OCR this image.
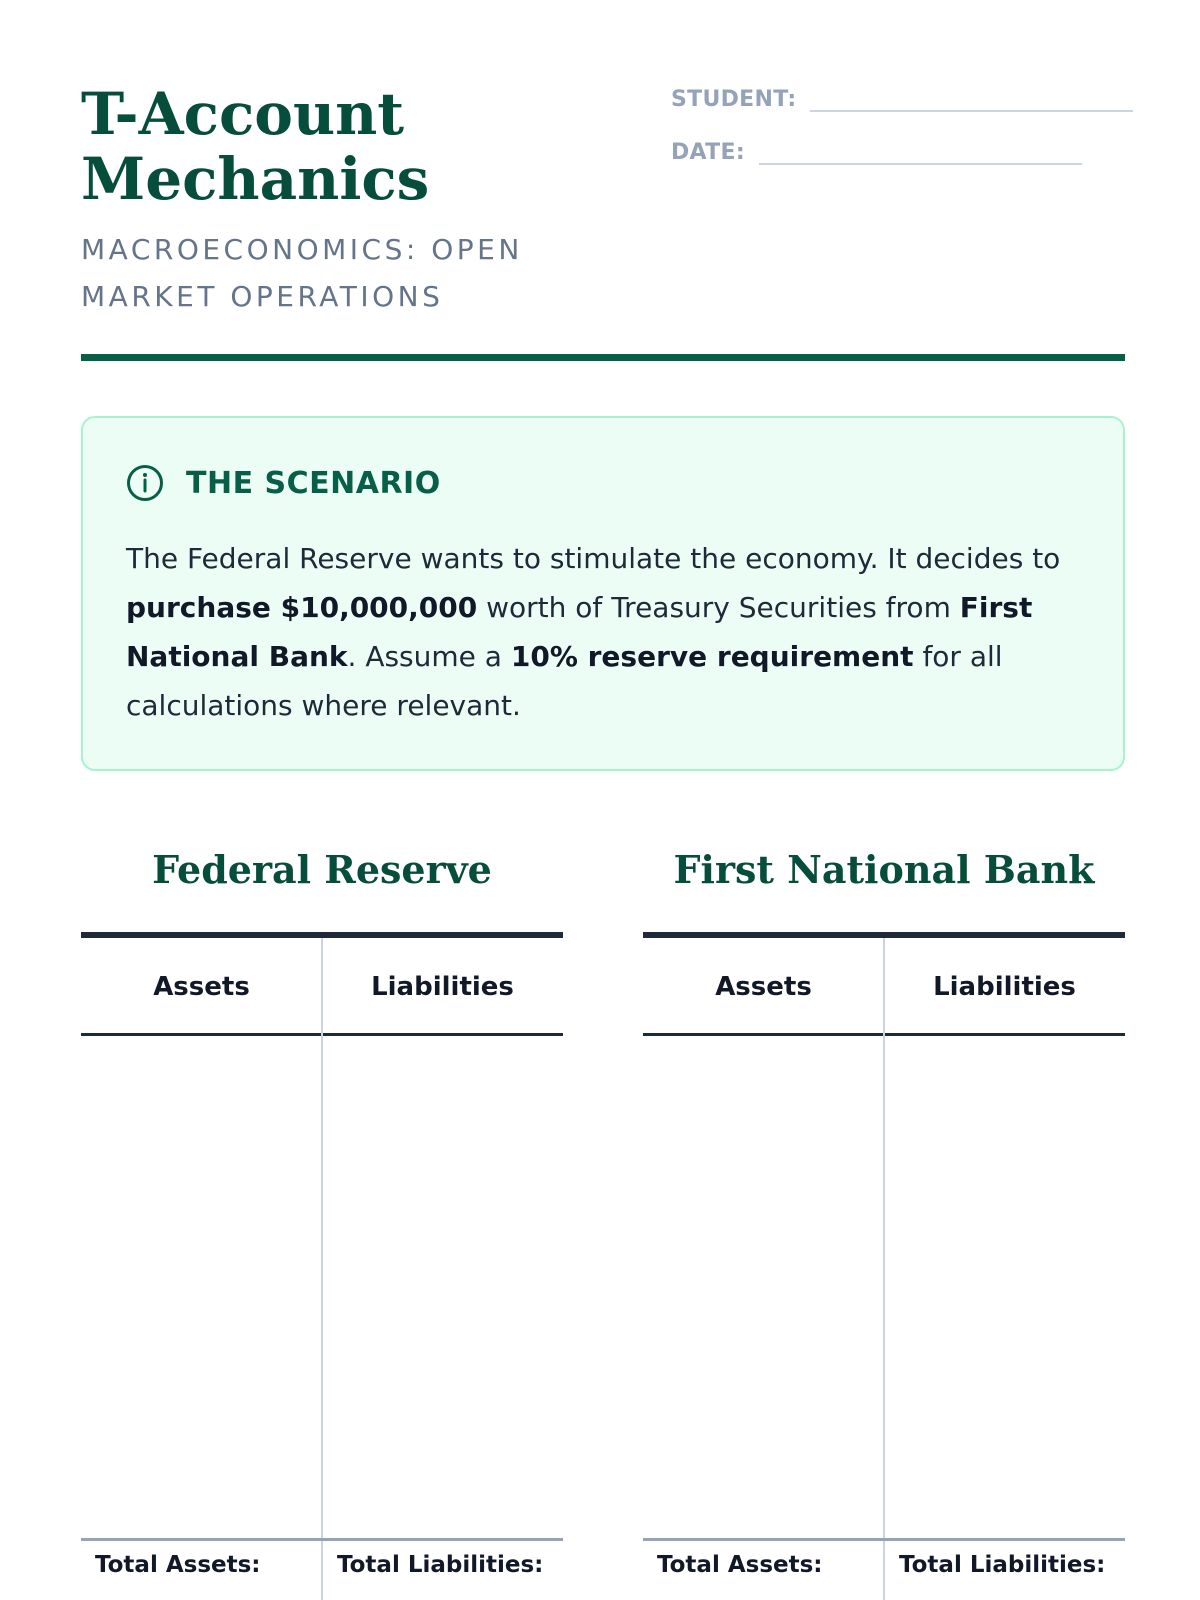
T-Account Mechanics
MACROECONOMICS: OPEN MARKET OPERATIONS
STUDENT:
DATE:
THE SCENARIO

The Federal Reserve wants to stimulate the economy. It decides to purchase $10,000,000 worth of Treasury Securities from First National Bank. Assume a 10% reserve requirement for all calculations where relevant.

Federal Reserve
Assets	Liabilities
Total Assets:	Total Liabilities:
First National Bank
Assets	Liabilities
Total Assets:	Total Liabilities:
